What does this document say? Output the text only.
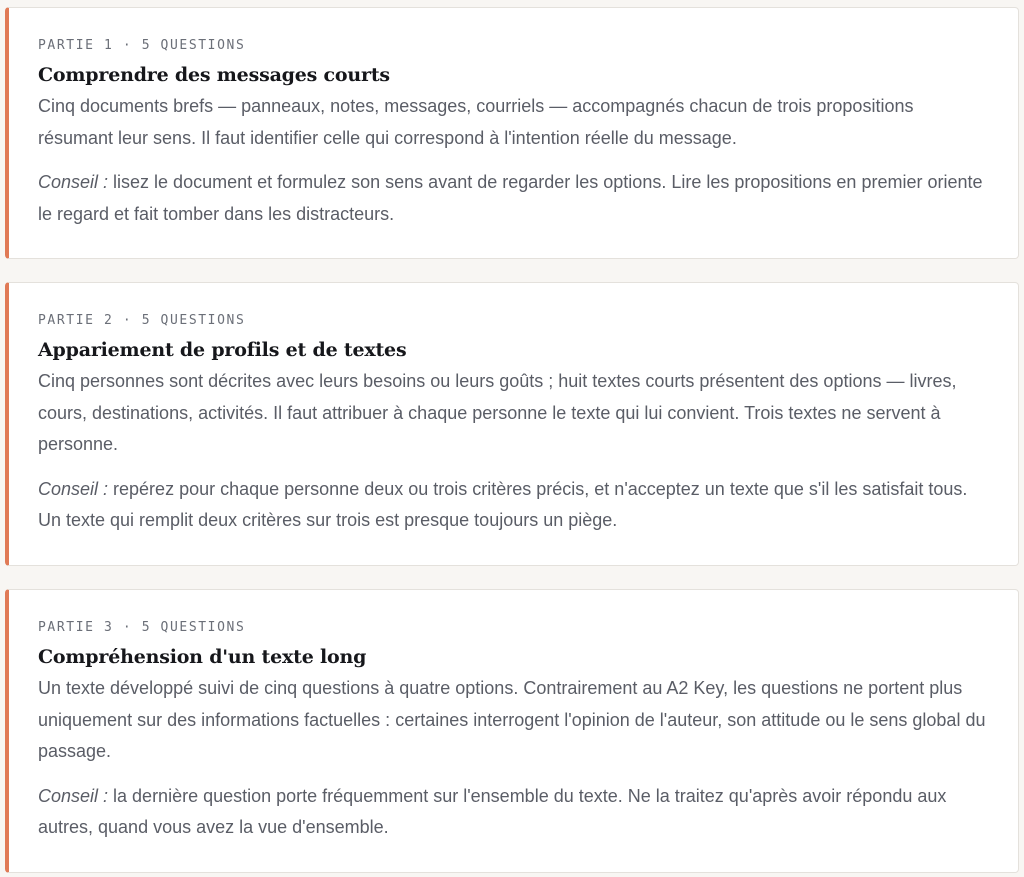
PARTIE 1 · 5 QUESTIONS

Comprendre des messages courts

Cinq documents brefs — panneaux, notes, messages, courriels — accompagnés chacun de trois propositions résumant leur sens. Il faut identifier celle qui correspond à l'intention réelle du message.

Conseil : lisez le document et formulez son sens avant de regarder les options. Lire les propositions en premier oriente le regard et fait tomber dans les distracteurs.

PARTIE 2 · 5 QUESTIONS

Appariement de profils et de textes

Cinq personnes sont décrites avec leurs besoins ou leurs goûts ; huit textes courts présentent des options — livres, cours, destinations, activités. Il faut attribuer à chaque personne le texte qui lui convient. Trois textes ne servent à personne.

Conseil : repérez pour chaque personne deux ou trois critères précis, et n'acceptez un texte que s'il les satisfait tous. Un texte qui remplit deux critères sur trois est presque toujours un piège.

PARTIE 3 · 5 QUESTIONS

Compréhension d'un texte long

Un texte développé suivi de cinq questions à quatre options. Contrairement au A2 Key, les questions ne portent plus uniquement sur des informations factuelles : certaines interrogent l'opinion de l'auteur, son attitude ou le sens global du passage.

Conseil : la dernière question porte fréquemment sur l'ensemble du texte. Ne la traitez qu'après avoir répondu aux autres, quand vous avez la vue d'ensemble.
